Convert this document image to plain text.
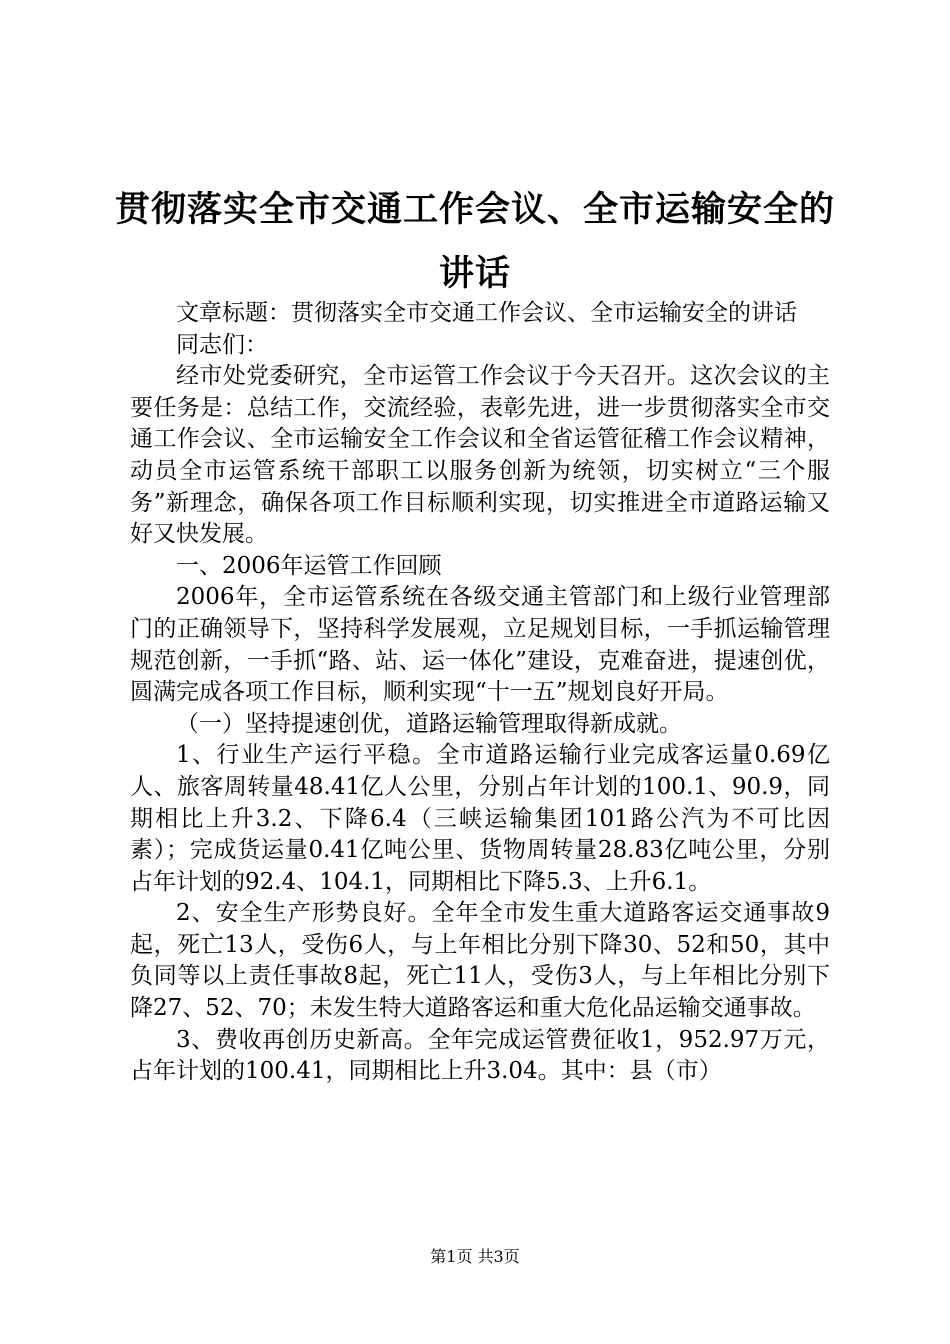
贯彻落实全市交通工作会议、全市运输安全的讲话

文章标题：贯彻落实全市交通工作会议、全市运输安全的讲话

同志们：

经市处党委研究，全市运管工作会议于今天召开。这次会议的主要任务是：总结工作，交流经验，表彰先进，进一步贯彻落实全市交通工作会议、全市运输安全工作会议和全省运管征稽工作会议精神，动员全市运管系统干部职工以服务创新为统领，切实树立“三个服务”新理念，确保各项工作目标顺利实现，切实推进全市道路运输又好又快发展。

一、2006年运管工作回顾

2006年，全市运管系统在各级交通主管部门和上级行业管理部门的正确领导下，坚持科学发展观，立足规划目标，一手抓运输管理规范创新，一手抓“路、站、运一体化”建设，克难奋进，提速创优，圆满完成各项工作目标，顺利实现“十一五”规划良好开局。

（一）坚持提速创优，道路运输管理取得新成就。

1、行业生产运行平稳。全市道路运输行业完成客运量0.69亿人、旅客周转量48.41亿人公里，分别占年计划的100.1、90.9，同期相比上升3.2、下降6.4（三峡运输集团101路公汽为不可比因素）；完成货运量0.41亿吨公里、货物周转量28.83亿吨公里，分别占年计划的92.4、104.1，同期相比下降5.3、上升6.1。

2、安全生产形势良好。全年全市发生重大道路客运交通事故9起，死亡13人，受伤6人，与上年相比分别下降30、52和50，其中负同等以上责任事故8起，死亡11人，受伤3人，与上年相比分别下降27、52、70；未发生特大道路客运和重大危化品运输交通事故。

3、费收再创历史新高。全年完成运管费征收1，952.97万元，占年计划的100.41，同期相比上升3.04。其中：县（市）

第1页 共3页
